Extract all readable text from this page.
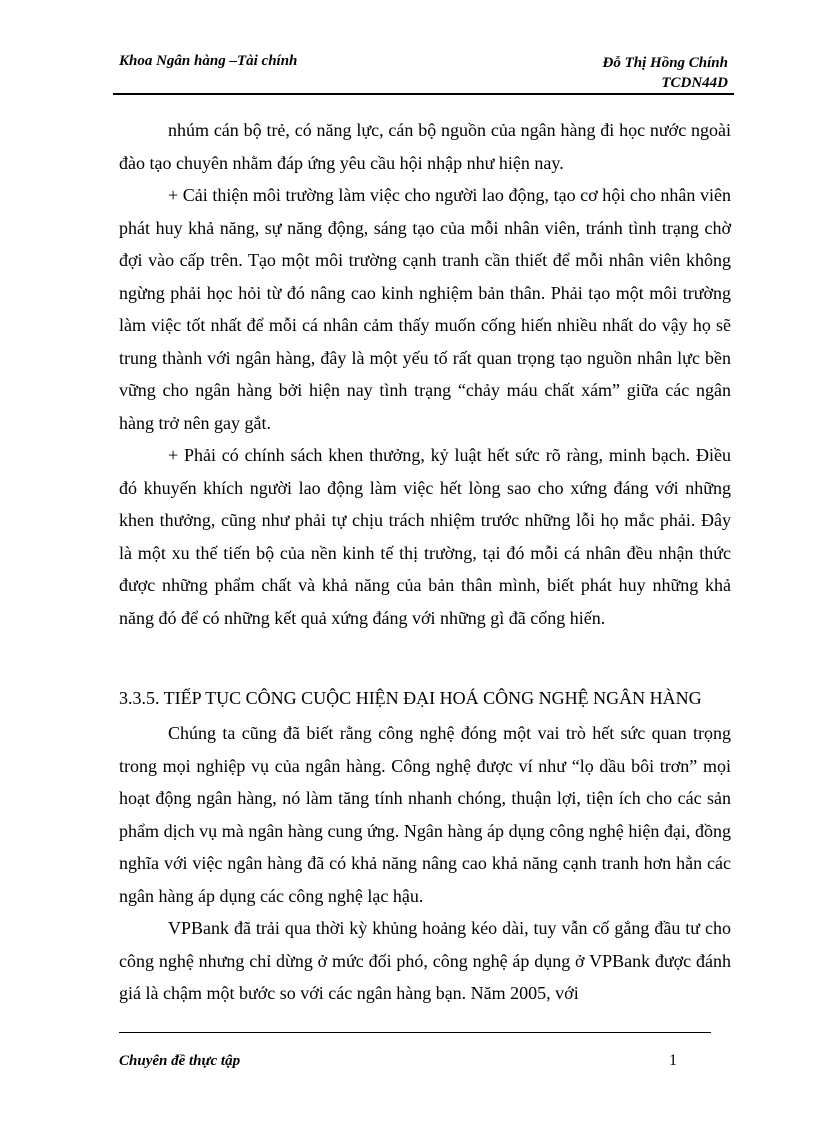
Khoa Ngân hàng –Tài chính	Đỗ Thị Hồng Chính
TCDN44D

nhúm cán bộ trẻ, có năng lực, cán bộ nguồn của ngân hàng đi học nước ngoài đào tạo chuyên nhằm đáp ứng yêu cầu hội nhập như hiện nay.

+ Cải thiện môi trường làm việc cho người lao động, tạo cơ hội cho nhân viên phát huy khả năng, sự năng động, sáng tạo của mỗi nhân viên, tránh tình trạng chờ đợi vào cấp trên. Tạo một môi trường cạnh tranh cần thiết để mỗi nhân viên không ngừng phải học hỏi từ đó nâng cao kinh nghiệm bản thân. Phải tạo một môi trường làm việc tốt nhất để mỗi cá nhân cảm thấy muốn cống hiến nhiều nhất do vậy họ sẽ trung thành với ngân hàng, đây là một yếu tố rất quan trọng tạo nguồn nhân lực bền vững cho ngân hàng bởi hiện nay tình trạng “chảy máu chất xám” giữa các ngân hàng trở nên gay gắt.

+ Phải có chính sách khen thưởng, kỷ luật hết sức rõ ràng, minh bạch. Điều đó khuyến khích người lao động làm việc hết lòng sao cho xứng đáng với những khen thưởng, cũng như phải tự chịu trách nhiệm trước những lỗi họ mắc phải. Đây là một xu thế tiến bộ của nền kinh tế thị trường, tại đó mỗi cá nhân đều nhận thức được những phẩm chất và khả năng của bản thân mình, biết phát huy những khả năng đó để có những kết quả xứng đáng với những gì đã cống hiến.

3.3.5. TIẾP TỤC CÔNG CUỘC HIỆN ĐẠI HOÁ CÔNG NGHỆ NGÂN HÀNG

Chúng ta cũng đã biết rằng công nghệ đóng một vai trò hết sức quan trọng trong mọi nghiệp vụ của ngân hàng. Công nghệ được ví như “lọ dầu bôi trơn” mọi hoạt động ngân hàng, nó làm tăng tính nhanh chóng, thuận lợi, tiện ích cho các sản phẩm dịch vụ mà ngân hàng cung ứng. Ngân hàng áp dụng công nghệ hiện đại, đồng nghĩa với việc ngân hàng đã có khả năng nâng cao khả năng cạnh tranh hơn hẳn các ngân hàng áp dụng các công nghệ lạc hậu.

VPBank đã trải qua thời kỳ khủng hoảng kéo dài, tuy vẫn cố gắng đầu tư cho công nghệ nhưng chỉ dừng ở mức đối phó, công nghệ áp dụng ở VPBank được đánh giá là chậm một bước so với các ngân hàng bạn. Năm 2005, với

Chuyên đề thực tập	1
